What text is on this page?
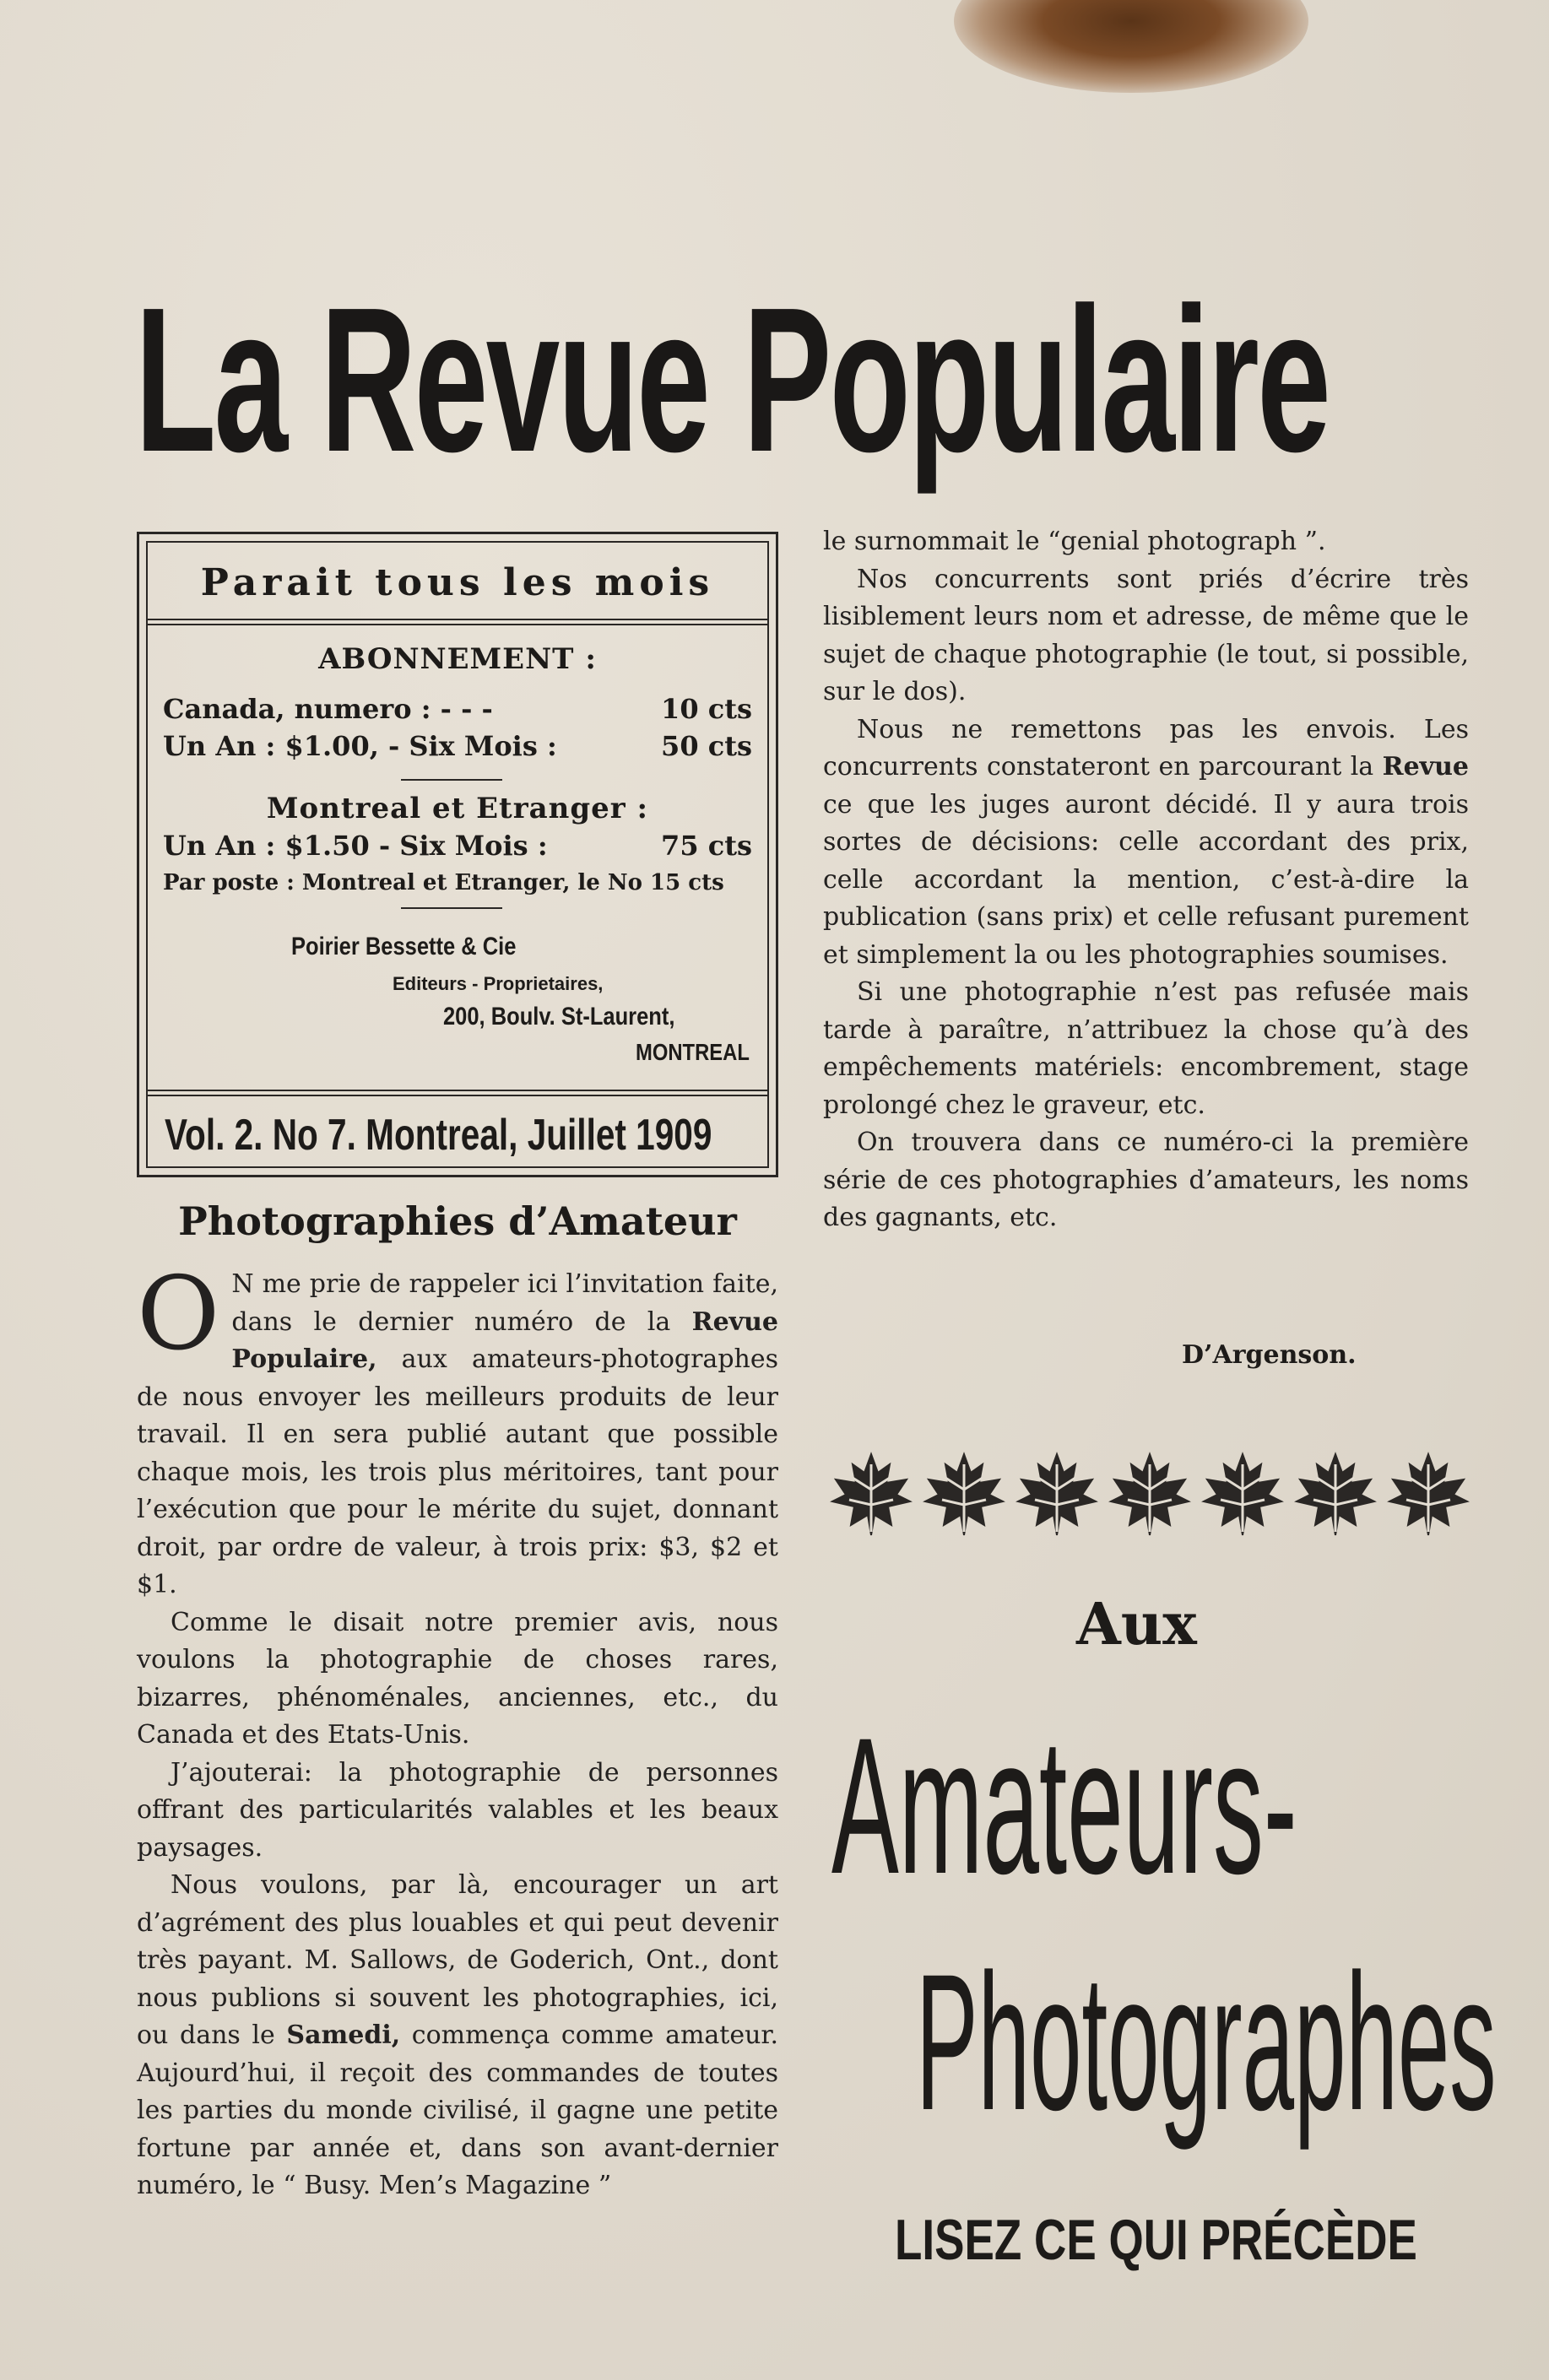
La Revue Populaire
Parait tous les mois
ABONNEMENT :
Canada, numero : - - -	10 cts
Un An : $1.00, - Six Mois :	50 cts
Montreal et Etranger :
Un An : $1.50 - Six Mois :	75 cts
Par poste : Montreal et Etranger, le No 15 cts
Poirier Bessette & Cie
Editeurs - Proprietaires,
200, Boulv. St-Laurent,
MONTREAL
Vol. 2. No 7. Montreal, Juillet 1909
Photographies d’Amateur

O N me prie de rappeler ici l’invitation faite, dans le dernier numéro de la Revue Populaire, aux amateurs-photographes de nous envoyer les meilleurs produits de leur travail. Il en sera publié autant que possible chaque mois, les trois plus méritoires, tant pour l’exécution que pour le mérite du sujet, donnant droit, par ordre de valeur, à trois prix: $3, $2 et $1.

Comme le disait notre premier avis, nous voulons la photographie de choses rares, bizarres, phénoménales, anciennes, etc., du Canada et des Etats-Unis.

J’ajouterai: la photographie de personnes offrant des particularités valables et les beaux paysages.

Nous voulons, par là, encourager un art d’agrément des plus louables et qui peut devenir très payant. M. Sallows, de Goderich, Ont., dont nous publions si souvent les photographies, ici, ou dans le Samedi, commença comme amateur. Aujourd’hui, il reçoit des commandes de toutes les parties du monde civilisé, il gagne une petite fortune par année et, dans son avant-dernier numéro, le “ Busy. Men’s Magazine ”

le surnommait le “genial photograph ”.

Nos concurrents sont priés d’écrire très lisiblement leurs nom et adresse, de même que le sujet de chaque photographie (le tout, si possible, sur le dos).

Nous ne remettons pas les envois. Les concurrents constateront en parcourant la Revue ce que les juges auront décidé. Il y aura trois sortes de décisions: celle accordant des prix, celle accordant la mention, c’est-à-dire la publication (sans prix) et celle refusant purement et simplement la ou les photographies soumises.

Si une photographie n’est pas refusée mais tarde à paraître, n’attribuez la chose qu’à des empêchements matériels: encombrement, stage prolongé chez le graveur, etc.

On trouvera dans ce numéro-ci la première série de ces photographies d’amateurs, les noms des gagnants, etc.

D’Argenson.
Aux
Amateurs-
Photographes
LISEZ CE QUI PRÉCÈDE
